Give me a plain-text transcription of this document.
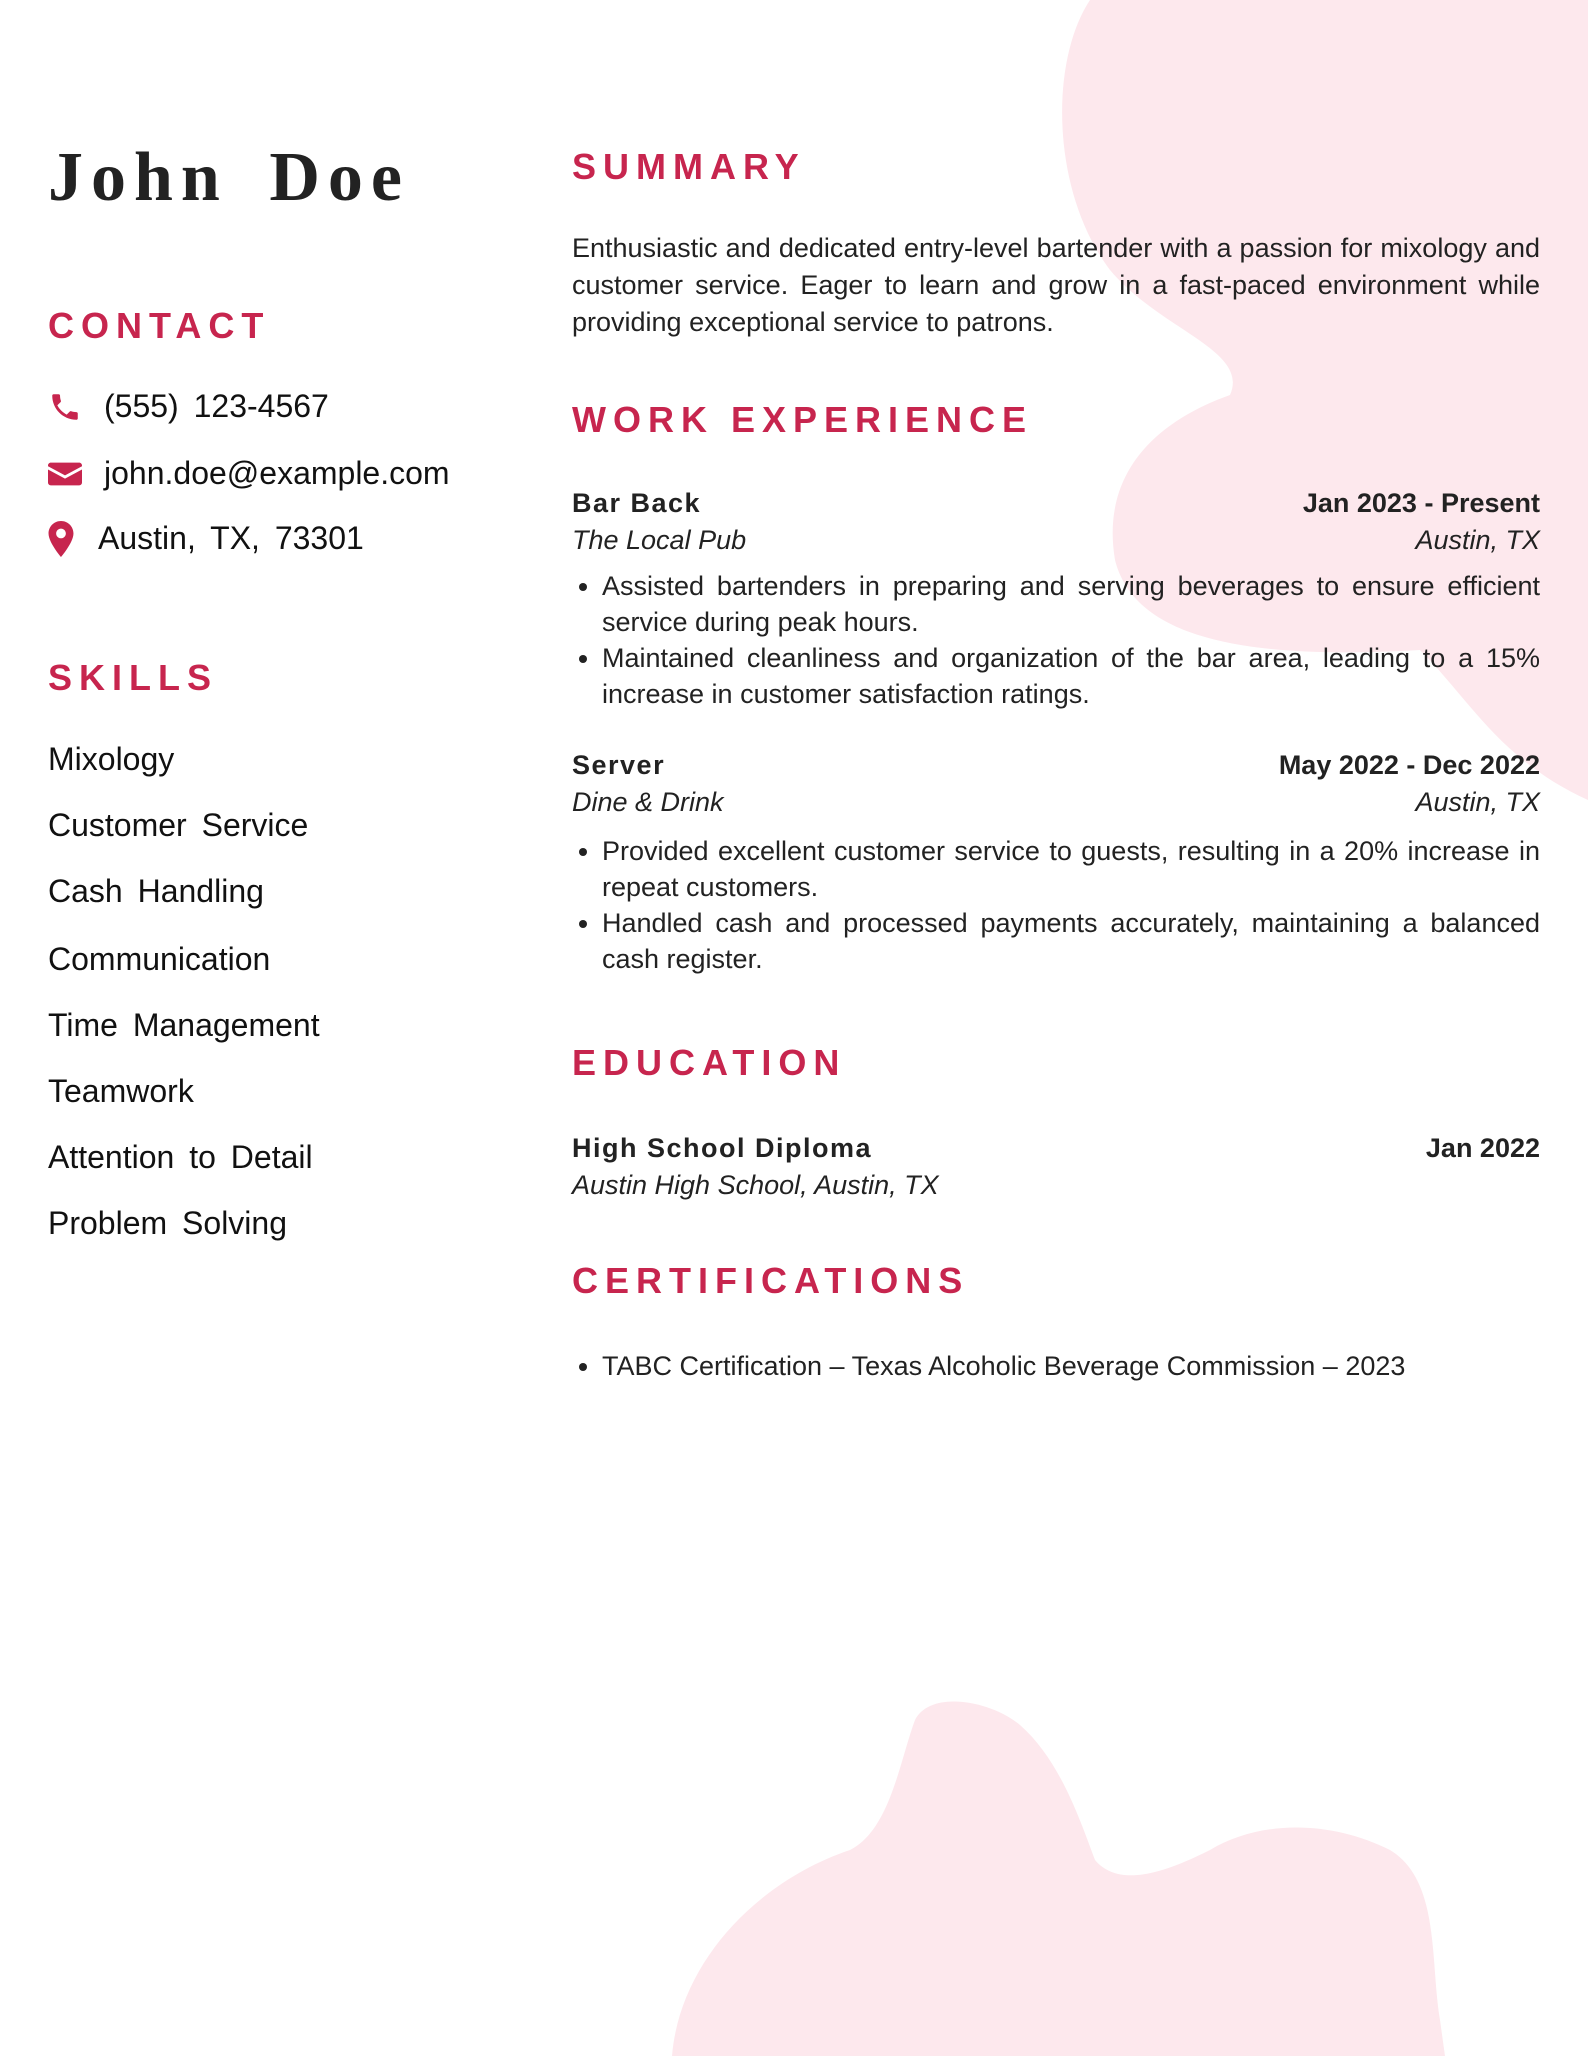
John Doe
CONTACT
(555) 123-4567
john.doe@example.com
Austin, TX, 73301
SKILLS

Mixology

Customer Service

Cash Handling

Communication

Time Management

Teamwork

Attention to Detail

Problem Solving

SUMMARY

Enthusiastic and dedicated entry-level bartender with a passion for mixology and customer service. Eager to learn and grow in a fast-paced environment while providing exceptional service to patrons.

WORK EXPERIENCE
Bar Back	Jan 2023 - Present
The Local Pub	Austin, TX
• Assisted bartenders in preparing and serving beverages to ensure efficient service during peak hours.
• Maintained cleanliness and organization of the bar area, leading to a 15% increase in customer satisfaction ratings.
Server	May 2022 - Dec 2022
Dine & Drink	Austin, TX
• Provided excellent customer service to guests, resulting in a 20% increase in repeat customers.
• Handled cash and processed payments accurately, maintaining a balanced cash register.
EDUCATION
High School Diploma	Jan 2022
Austin High School, Austin, TX
CERTIFICATIONS
• TABC Certification – Texas Alcoholic Beverage Commission – 2023
